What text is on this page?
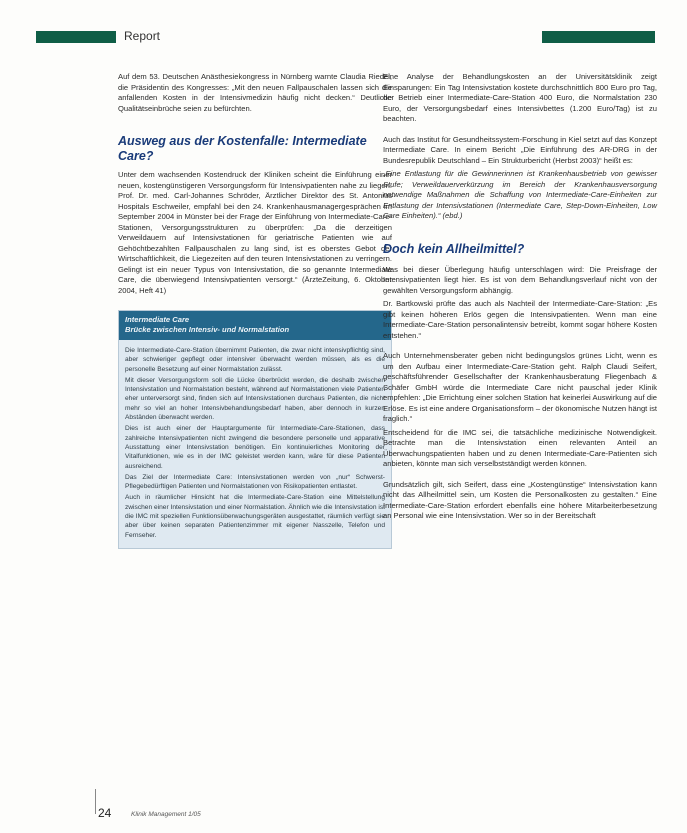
Report

Auf dem 53. Deutschen Anästhesiekongress in Nürnberg warnte Claudia Riedel, die Präsidentin des Kongresses: „Mit den neuen Fallpauschalen lassen sich die anfallenden Kosten in der Intensivmedizin häufig nicht decken.“ Deutliche Qualitätseinbrüche seien zu befürchten.

Ausweg aus der Kostenfalle: Intermediate Care?

Unter dem wachsenden Kostendruck der Kliniken scheint die Einführung einer neuen, kostengünstigeren Versorgungsform für Intensivpatienten nahe zu liegen. Prof. Dr. med. Carl-Johannes Schröder, Ärztlicher Direktor des St. Antonius Hospitals Eschweiler, empfahl bei den 24. Krankenhausmanagergesprächen im September 2004 in Münster bei der Frage der Einführung von Intermediate-Care-Stationen, Versorgungsstrukturen zu überprüfen: „Da die derzeitigen Verweildauern auf Intensivstationen für geriatrische Patienten wie auf Gehöchtbezahlten Fallpauschalen zu lang sind, ist es oberstes Gebot der Wirtschaftlichkeit, die Liegezeiten auf den teuren Intensivstationen zu verringern. Gelingt ist ein neuer Typus von Intensivstation, die so genannte Intermediate Care, die überwiegend Intensivpatienten versorgt.“ (ÄrzteZeitung, 6. Oktober 2004, Heft 41)

Intermediate Care
Brücke zwischen Intensiv- und Normalstation

Die Intermediate-Care-Station übernimmt Patienten, die zwar nicht intensivpflichtig sind, aber schwieriger gepflegt oder intensiver überwacht werden müssen, als es die personelle Besetzung auf einer Normalstation zulässt.

Mit dieser Versorgungsform soll die Lücke überbrückt werden, die deshalb zwischen Intensivstation und Normalstation besteht, während auf Normalstationen viele Patienten eher unterversorgt sind, finden sich auf Intensivstationen durchaus Patienten, die nicht mehr so viel an hoher Intensivbehandlungsbedarf haben, aber dennoch in kurzen Abständen überwacht werden.

Dies ist auch einer der Hauptargumente für Intermediate-Care-Stationen, dass zahlreiche Intensivpatienten nicht zwingend die besondere personelle und apparative Ausstattung einer Intensivstation benötigen. Ein kontinuierliches Monitoring der Vitalfunktionen, wie es in der IMC geleistet werden kann, wäre für diese Patienten ausreichend.

Das Ziel der Intermediate Care: Intensivstationen werden von „nur“ Schwerst-Pflegebedürftigen Patienten und Normalstationen von Risikopatienten entlastet.

Auch in räumlicher Hinsicht hat die Intermediate-Care-Station eine Mittelstellung zwischen einer Intensivstation und einer Normalstation. Ähnlich wie die Intensivstation ist die IMC mit speziellen Funktionsüberwachungsgeräten ausgestattet, räumlich verfügt sie aber über keinen separaten Patientenzimmer mit eigener Nasszelle, Telefon und Fernseher.

Eine Analyse der Behandlungskosten an der Universitätsklinik zeigt Einsparungen: Ein Tag Intensivstation kostete durchschnittlich 800 Euro pro Tag, der Betrieb einer Intermediate-Care-Station 400 Euro, die Normalstation 230 Euro, der Versorgungsbedarf eines Intensivbettes (1.200 Euro/Tag) ist zu beachten.

Auch das Institut für Gesundheitssystem-Forschung in Kiel setzt auf das Konzept Intermediate Care. In einem Bericht „Die Einführung des AR-DRG in der Bundesrepublik Deutschland – Ein Strukturbericht (Herbst 2003)“ heißt es:

„Eine Entlastung für die Gewinnerinnen ist Krankenhausbetrieb von gewisser Stufe; Verweildauerverkürzung im Bereich der Krankenhausversorgung notwendige Maßnahmen die Schaffung von Intermediate-Care-Einheiten zur Entlastung der Intensivstationen (Intermediate Care, Step-Down-Einheiten, Low Care Einheiten).“ (ebd.)

Doch kein Allheilmittel?

Was bei dieser Überlegung häufig unterschlagen wird: Die Preisfrage der Intensivpatienten liegt hier. Es ist von dem Behandlungsverlauf nicht von der gewählten Versorgungsform abhängig.

Dr. Bartkowski prüfte das auch als Nachteil der Intermediate-Care-Station: „Es gibt keinen höheren Erlös gegen die Intensivpatienten. Wenn man eine Intermediate-Care-Station personalintensiv betreibt, kommt sogar höhere Kosten entstehen.“

Auch Unternehmensberater geben nicht bedingungslos grünes Licht, wenn es um den Aufbau einer Intermediate-Care-Station geht. Ralph Claudi Seifert, geschäftsführender Gesellschafter der Krankenhausberatung Fliegenbach & Schäfer GmbH würde die Intermediate Care nicht pauschal jeder Klinik empfehlen: „Die Errichtung einer solchen Station hat keinerlei Auswirkung auf die Erlöse. Es ist eine andere Organisationsform – der ökonomische Nutzen hängt ist fraglich.“

Entscheidend für die IMC sei, die tatsächliche medizinische Notwendigkeit. Betrachte man die Intensivstation einen relevanten Anteil an Überwachungspatienten haben und zu denen Intermediate-Care-Patienten sich anbieten, könnte man sich verselbstständigt werden können.

Grundsätzlich gilt, sich Seifert, dass eine „Kostengünstige“ Intensivstation kann nicht das Allheilmittel sein, um Kosten die Personalkosten zu gestalten.“ Eine Intermediate-Care-Station erfordert ebenfalls eine höhere Mitarbeiterbesetzung an Personal wie eine Intensivstation. Wer so in der Bereitschaft

24	Klinik Management 1/05
